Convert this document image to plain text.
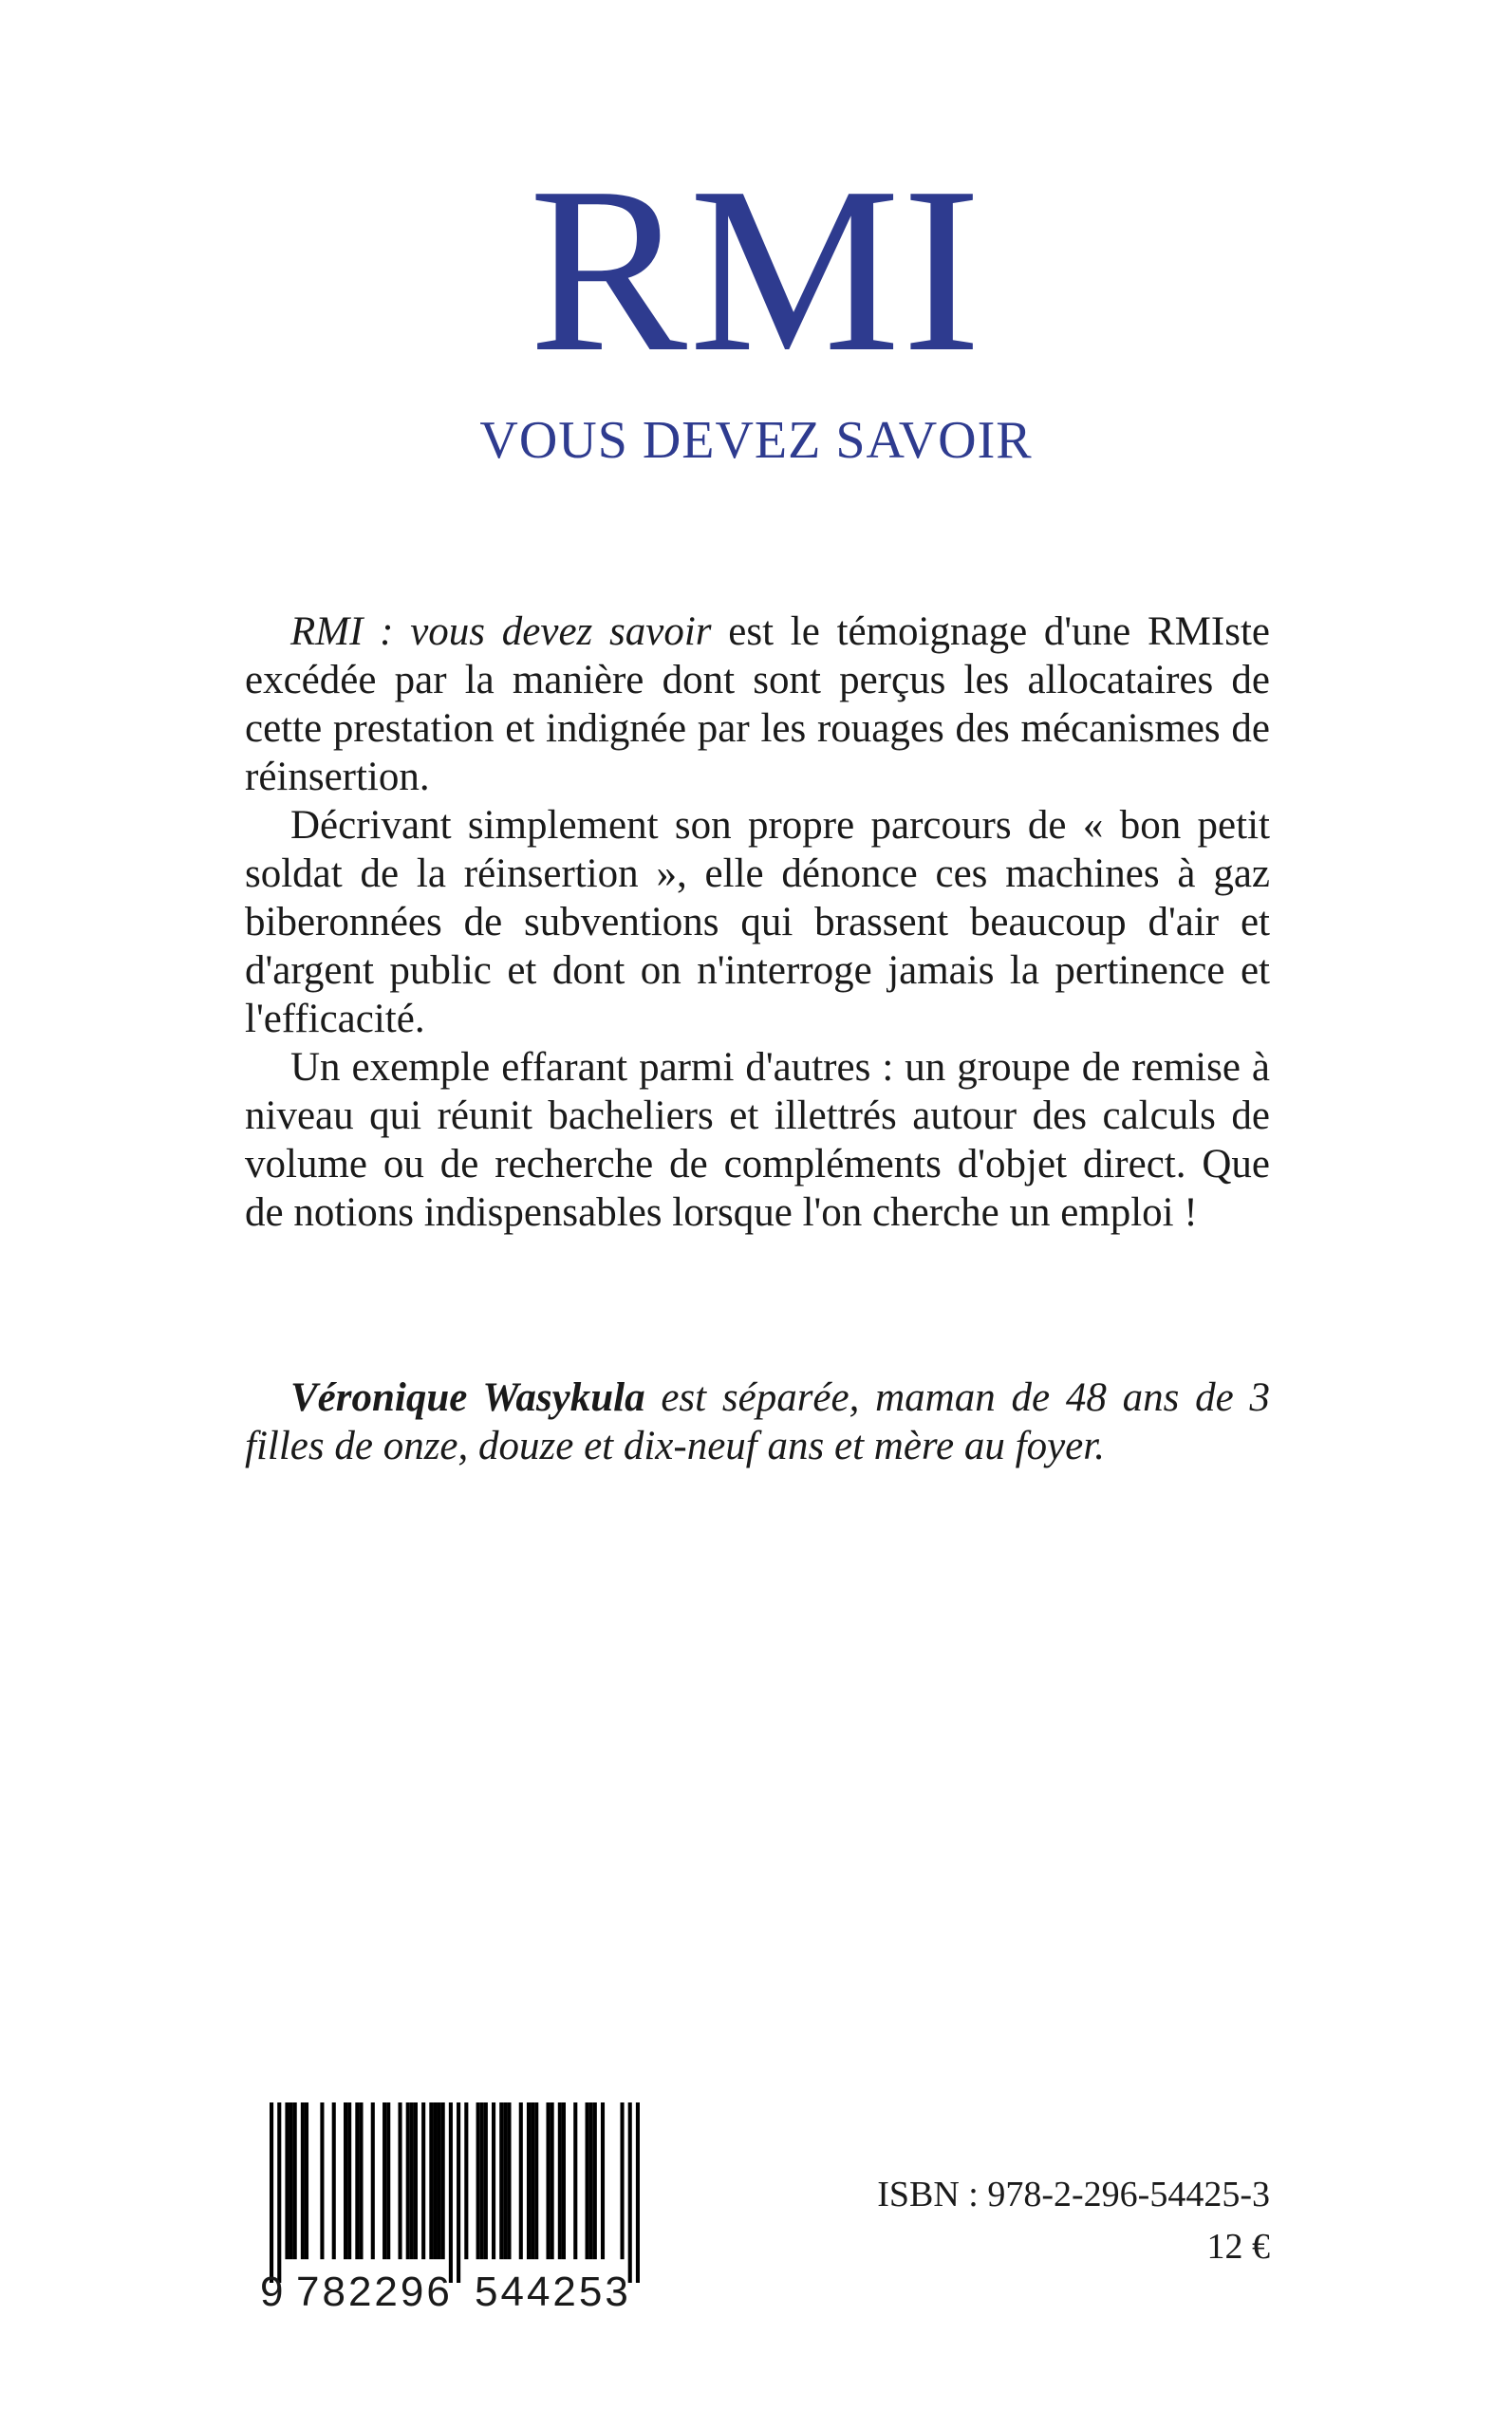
RMI
VOUS DEVEZ SAVOIR

RMI : vous devez savoir est le témoignage d'une RMIste excédée par la manière dont sont perçus les allocataires de cette prestation et indignée par les rouages des mécanismes de réinsertion.

Décrivant simplement son propre parcours de « bon petit soldat de la réinsertion », elle dénonce ces machines à gaz biberonnées de subventions qui brassent beaucoup d'air et d'argent public et dont on n'interroge jamais la pertinence et l'efficacité.

Un exemple effarant parmi d'autres : un groupe de remise à niveau qui réunit bacheliers et illettrés autour des calculs de volume ou de recherche de compléments d'objet direct. Que de notions indispensables lorsque l'on cherche un emploi !

Véronique Wasykula est séparée, maman de 48 ans de 3 filles de onze, douze et dix-neuf ans et mère au foyer.
9 782296 544253
ISBN : 978-2-296-54425-3
12 €
